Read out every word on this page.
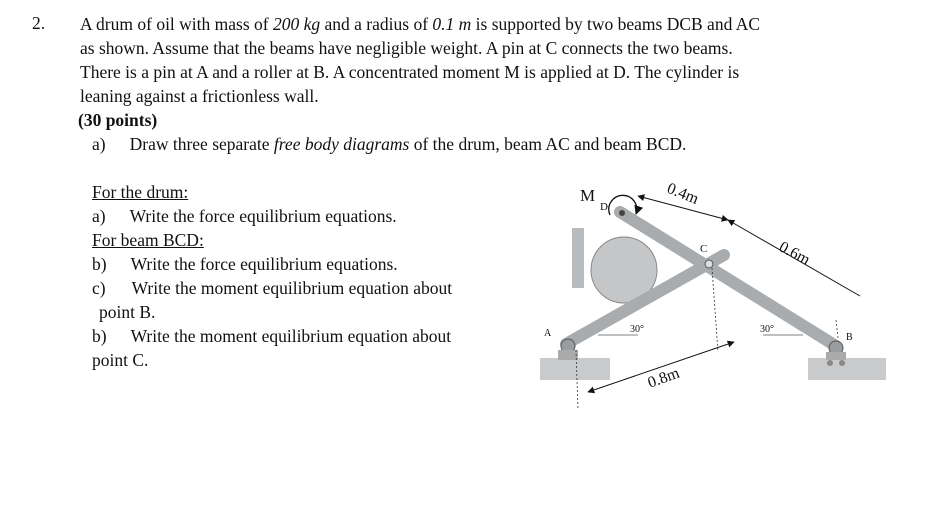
2. A drum of oil with mass of 200 kg and a radius of 0.1 m is supported by two beams DCB and AC
as shown. Assume that the beams have negligible weight. A pin at C connects the two beams.
There is a pin at A and a roller at B. A concentrated moment M is applied at D. The cylinder is
leaning against a frictionless wall.
(30 points)
a) Draw three separate free body diagrams of the drum, beam AC and beam BCD.
For the drum:
a) Write the force equilibrium equations.
For beam BCD:
b) Write the force equilibrium equations.
c) Write the moment equilibrium equation about
point B.
b) Write the moment equilibrium equation about
point C.
M
D
C
A	B
30°	30°
0.4m
0.6m
0.8m
